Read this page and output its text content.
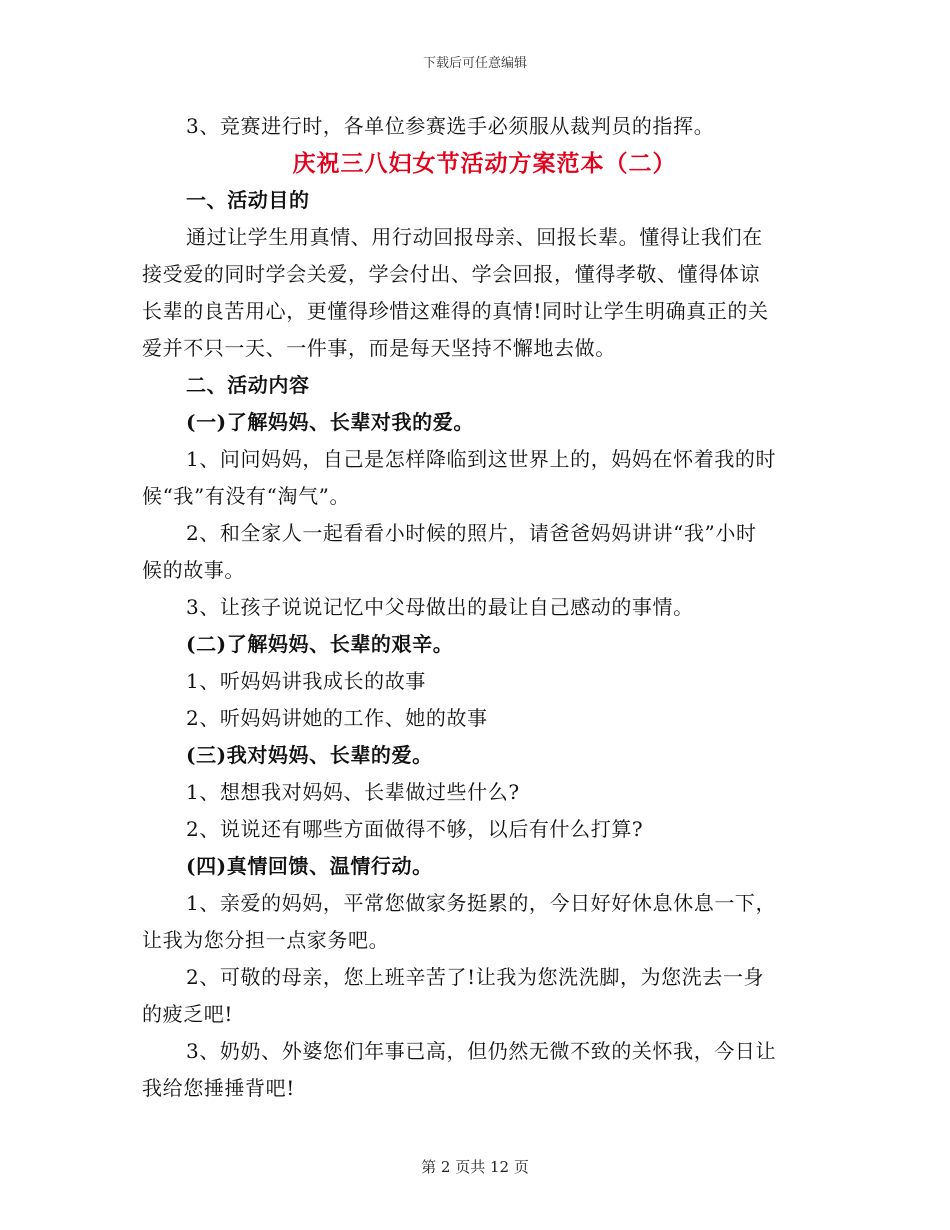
下载后可任意编辑
3、竞赛进行时，各单位参赛选手必须服从裁判员的指挥。
庆祝三八妇女节活动方案范本（二）
一、活动目的
通过让学生用真情、用行动回报母亲、回报长辈。懂得让我们在
接受爱的同时学会关爱，学会付出、学会回报，懂得孝敬、懂得体谅
长辈的良苦用心，更懂得珍惜这难得的真情!同时让学生明确真正的关
爱并不只一天、一件事，而是每天坚持不懈地去做。
二、活动内容
(一)了解妈妈、长辈对我的爱。
1、问问妈妈，自己是怎样降临到这世界上的，妈妈在怀着我的时
候“我”有没有“淘气”。
2、和全家人一起看看小时候的照片，请爸爸妈妈讲讲“我”小时
候的故事。
3、让孩子说说记忆中父母做出的最让自己感动的事情。
(二)了解妈妈、长辈的艰辛。
1、听妈妈讲我成长的故事
2、听妈妈讲她的工作、她的故事
(三)我对妈妈、长辈的爱。
1、想想我对妈妈、长辈做过些什么?
2、说说还有哪些方面做得不够，以后有什么打算?
(四)真情回馈、温情行动。
1、亲爱的妈妈，平常您做家务挺累的，今日好好休息休息一下，
让我为您分担一点家务吧。
2、可敬的母亲，您上班辛苦了!让我为您洗洗脚，为您洗去一身
的疲乏吧!
3、奶奶、外婆您们年事已高，但仍然无微不致的关怀我，今日让
我给您捶捶背吧!
第 2 页共 12 页
